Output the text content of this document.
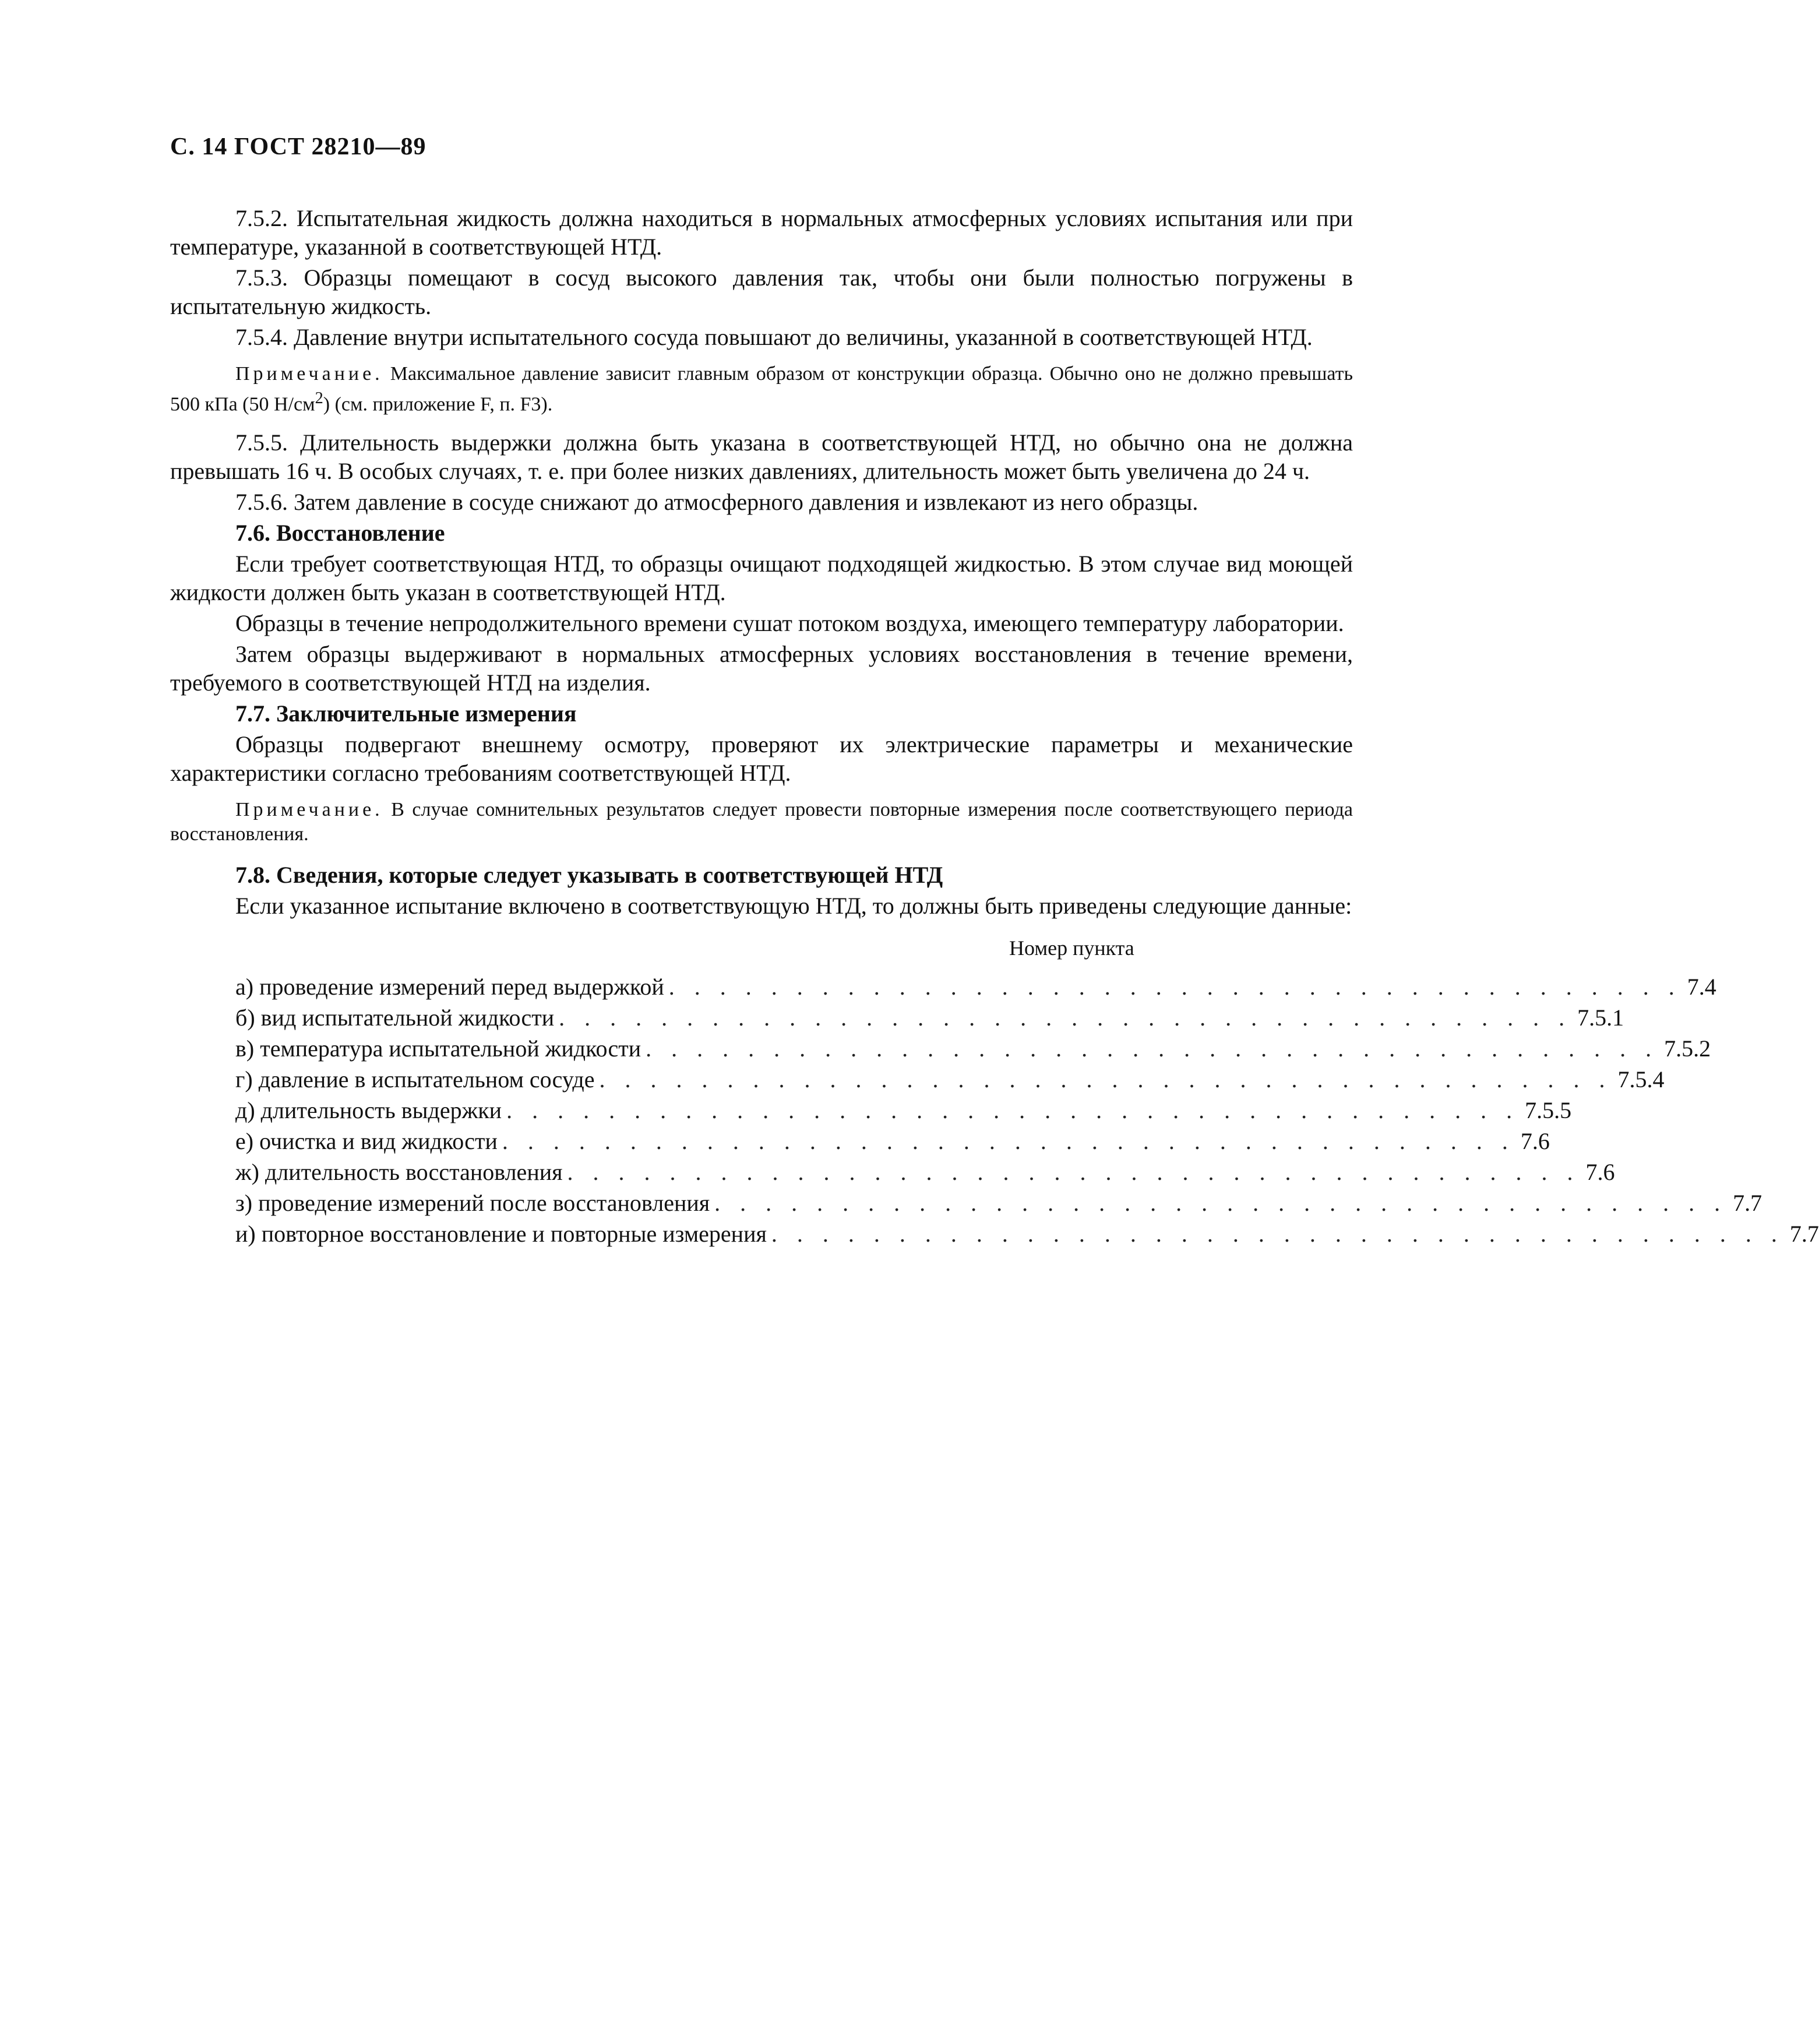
С. 14 ГОСТ 28210—89

7.5.2. Испытательная жидкость должна находиться в нормальных атмосферных условиях испытания или при температуре, указанной в соответствующей НТД.

7.5.3. Образцы помещают в сосуд высокого давления так, чтобы они были полностью погружены в испытательную жидкость.

7.5.4. Давление внутри испытательного сосуда повышают до величины, указанной в соответствующей НТД.

Примечание. Максимальное давление зависит главным образом от конструкции образца. Обычно оно не должно превышать 500 кПа (50 $Н/см^2$) (см. приложение F, п. F3).

7.5.5. Длительность выдержки должна быть указана в соответствующей НТД, но обычно она не должна превышать 16 ч. В особых случаях, т. е. при более низких давлениях, длительность может быть увеличена до 24 ч.

7.5.6. Затем давление в сосуде снижают до атмосферного давления и извлекают из него образцы.

7.6. Восстановление

Если требует соответствующая НТД, то образцы очищают подходящей жидкостью. В этом случае вид моющей жидкости должен быть указан в соответствующей НТД.

Образцы в течение непродолжительного времени сушат потоком воздуха, имеющего температуру лаборатории.

Затем образцы выдерживают в нормальных атмосферных условиях восстановления в течение времени, требуемого в соответствующей НТД на изделия.

7.7. Заключительные измерения

Образцы подвергают внешнему осмотру, проверяют их электрические параметры и механические характеристики согласно требованиям соответствующей НТД.

Примечание. В случае сомнительных результатов следует провести повторные измерения после соответствующего периода восстановления.

7.8. Сведения, которые следует указывать в соответствующей НТД

Если указанное испытание включено в соответствующую НТД, то должны быть приведены следующие данные:

Номер пункта
а) проведение измерений перед выдержкой . . . . . . . . . . . . . . . . . . . . . . . . . . . . . . . . . . . . . . . . 7.4
б) вид испытательной жидкости . . . . . . . . . . . . . . . . . . . . . . . . . . . . . . . . . . . . . . . . 7.5.1
в) температура испытательной жидкости . . . . . . . . . . . . . . . . . . . . . . . . . . . . . . . . . . . . . . . . 7.5.2
г) давление в испытательном сосуде . . . . . . . . . . . . . . . . . . . . . . . . . . . . . . . . . . . . . . . . 7.5.4
д) длительность выдержки . . . . . . . . . . . . . . . . . . . . . . . . . . . . . . . . . . . . . . . . 7.5.5
е) очистка и вид жидкости . . . . . . . . . . . . . . . . . . . . . . . . . . . . . . . . . . . . . . . . 7.6
ж) длительность восстановления . . . . . . . . . . . . . . . . . . . . . . . . . . . . . . . . . . . . . . . . 7.6
з) проведение измерений после восстановления . . . . . . . . . . . . . . . . . . . . . . . . . . . . . . . . . . . . . . . . 7.7
и) повторное восстановление и повторные измерения . . . . . . . . . . . . . . . . . . . . . . . . . . . . . . . . . . . . . . . . 7.7
